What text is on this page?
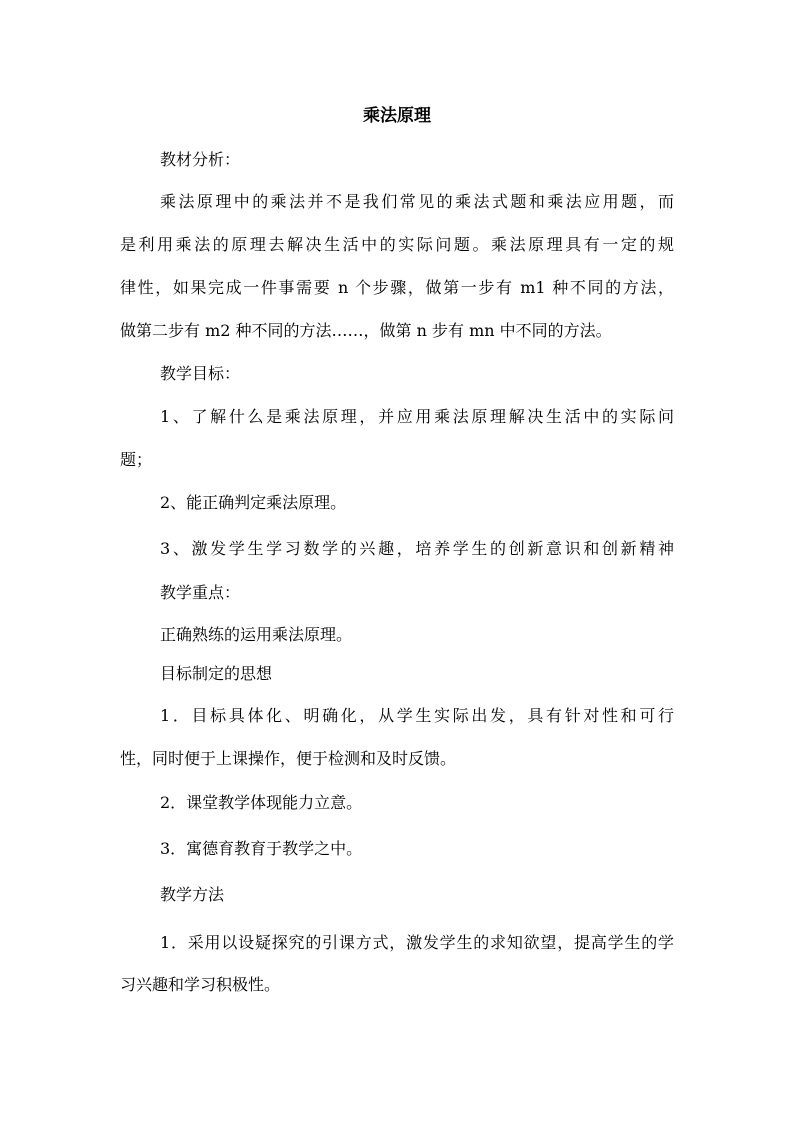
乘法原理

教材分析：

乘法原理中的乘法并不是我们常见的乘法式题和乘法应用题，而

是利用乘法的原理去解决生活中的实际问题。乘法原理具有一定的规

律性，如果完成一件事需要 n 个步骤，做第一步有 m1 种不同的方法，

做第二步有 m2 种不同的方法……，做第 n 步有 mn 中不同的方法。

教学目标：

1、了解什么是乘法原理，并应用乘法原理解决生活中的实际问

题；

2、能正确判定乘法原理。

3、激发学生学习数学的兴趣，培养学生的创新意识和创新精神

教学重点：

正确熟练的运用乘法原理。

目标制定的思想

1．目标具体化、明确化，从学生实际出发，具有针对性和可行

性，同时便于上课操作，便于检测和及时反馈。

2．课堂教学体现能力立意。

3．寓德育教育于教学之中。

教学方法

1．采用以设疑探究的引课方式，激发学生的求知欲望，提高学生的学

习兴趣和学习积极性。
